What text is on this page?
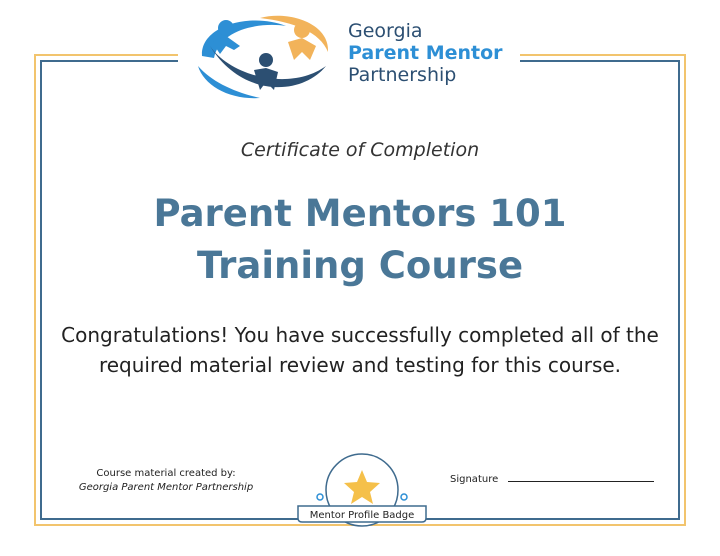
Georgia
Parent Mentor
Partnership
Certificate of Completion
Parent Mentors 101
Training Course
Congratulations! You have successfully completed all of the
required material review and testing for this course.
Course material created by:
Georgia Parent Mentor Partnership
Mentor Profile Badge
Signature
